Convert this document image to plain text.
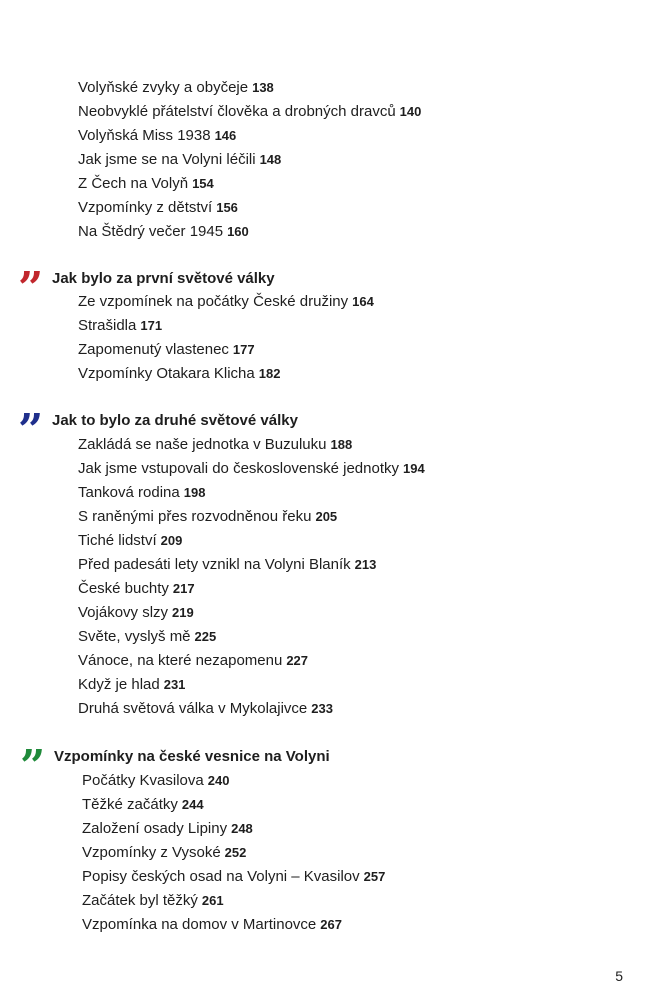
Volyňské zvyky a obyčeje 138
Neobvyklé přátelství člověka a drobných dravců 140
Volyňská Miss 1938 146
Jak jsme se na Volyni léčili 148
Z Čech na Volyň 154
Vzpomínky z dětství 156
Na Štědrý večer 1945 160
” Jak bylo za první světové války
Ze vzpomínek na počátky České družiny 164
Strašidla 171
Zapomenutý vlastenec 177
Vzpomínky Otakara Klicha 182
” Jak to bylo za druhé světové války
Zakládá se naše jednotka v Buzuluku 188
Jak jsme vstupovali do československé jednotky 194
Tanková rodina 198
S raněnými přes rozvodněnou řeku 205
Tiché lidství 209
Před padesáti lety vznikl na Volyni Blaník 213
České buchty 217
Vojákovy slzy 219
Světe, vyslyš mě 225
Vánoce, na které nezapomenu 227
Když je hlad 231
Druhá světová válka v Mykolajivce 233
” Vzpomínky na české vesnice na Volyni
Počátky Kvasilova 240
Těžké začátky 244
Založení osady Lipiny 248
Vzpomínky z Vysoké 252
Popisy českých osad na Volyni – Kvasilov 257
Začátek byl těžký 261
Vzpomínka na domov v Martinovce 267
5
